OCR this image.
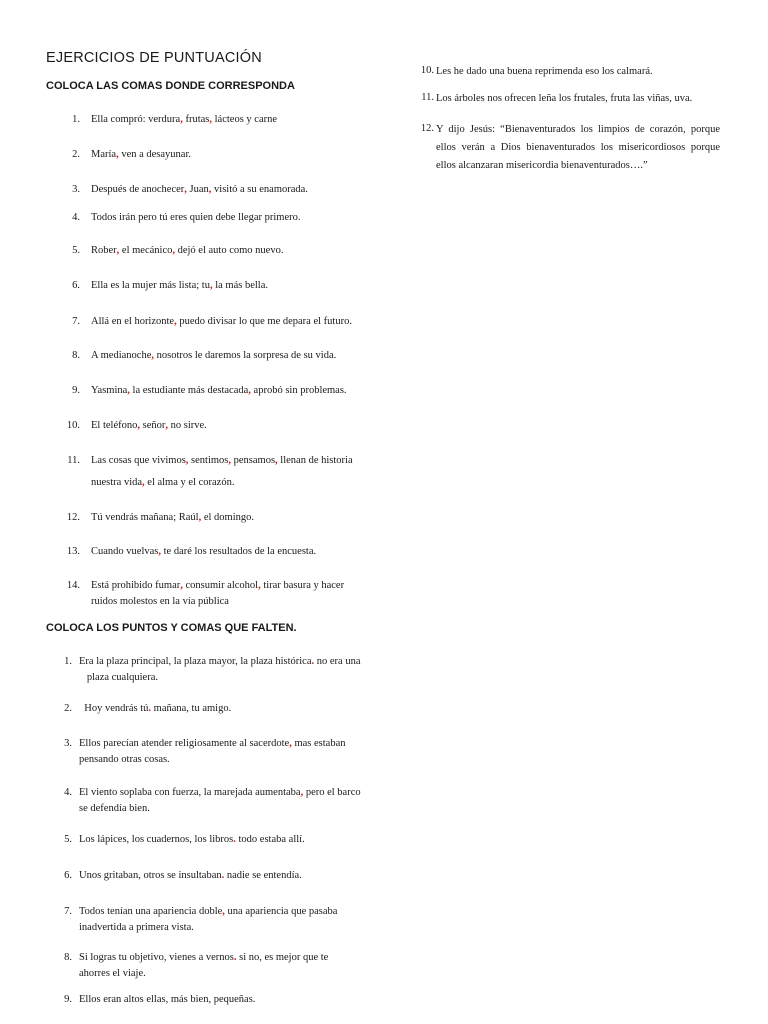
EJERCICIOS DE PUNTUACIÓN
COLOCA LAS COMAS DONDE CORRESPONDA
1. Ella compró: verdura, frutas, lácteos y carne
2. María, ven a desayunar.
3. Después de anochecer, Juan, visitó a su enamorada.
4. Todos irán pero tú eres quien debe llegar primero.
5. Rober, el mecánico, dejó el auto como nuevo.
6. Ella es la mujer más lista; tu, la más bella.
7. Allá en el horizonte, puedo divisar lo que me depara el futuro.
8. A medianoche, nosotros le daremos la sorpresa de su vida.
9. Yasmina, la estudiante más destacada, aprobó sin problemas.
10. El teléfono, señor, no sirve.
11. Las cosas que vivimos, sentimos, pensamos, llenan de historia
nuestra vida, el alma y el corazón.
12. Tú vendrás mañana; Raúl, el domingo.
13. Cuando vuelvas, te daré los resultados de la encuesta.
14. Está prohibido fumar, consumir alcohol, tirar basura y hacer
ruidos molestos en la vía pública
COLOCA LOS PUNTOS Y COMAS QUE FALTEN.
1. Era la plaza principal, la plaza mayor, la plaza histórica. no era una
plaza cualquiera.
2. Hoy vendrás tú. mañana, tu amigo.
3. Ellos parecían atender religiosamente al sacerdote, mas estaban
pensando otras cosas.
4. El viento soplaba con fuerza, la marejada aumentaba, pero el barco
se defendía bien.
5. Los lápices, los cuadernos, los libros. todo estaba allí.
6. Unos gritaban, otros se insultaban. nadie se entendía.
7. Todos tenían una apariencia doble, una apariencia que pasaba
inadvertida a primera vista.
8. Si logras tu objetivo, vienes a vernos. si no, es mejor que te
ahorres el viaje.
9. Ellos eran altos ellas, más bien, pequeñas.
10. Les he dado una buena reprimenda eso los calmará.
11. Los árboles nos ofrecen leña los frutales, fruta las viñas, uva.
12. Y dijo Jesús: “Bienaventurados los limpios de corazón, porque ellos verán a Dios bienaventurados los misericordiosos porque ellos alcanzaran misericordia bienaventurados….”
